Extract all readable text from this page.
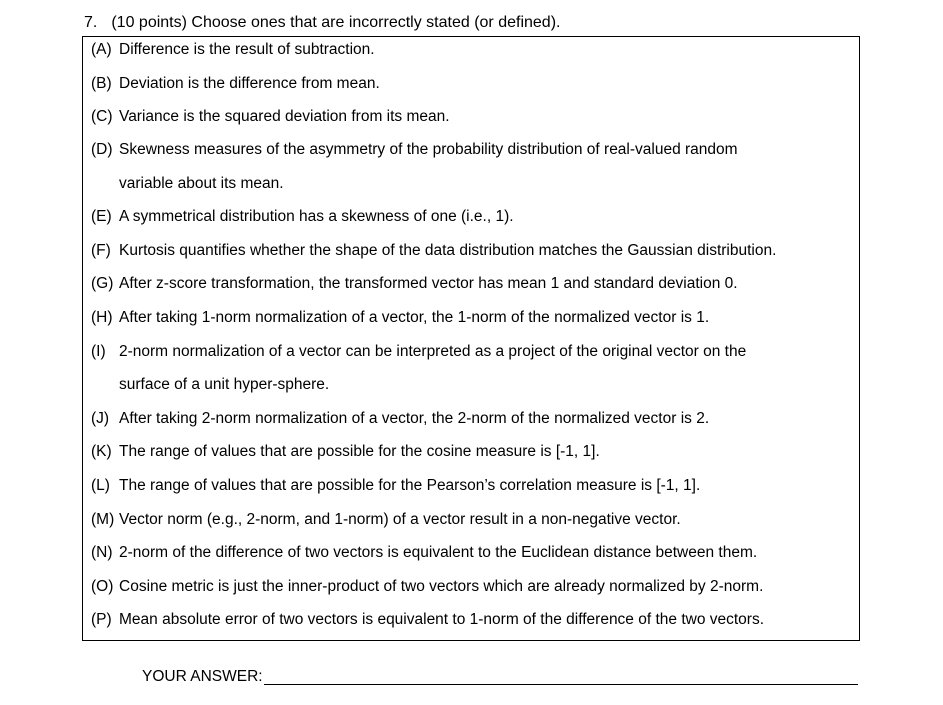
7. (10 points) Choose ones that are incorrectly stated (or defined).
(A) Difference is the result of subtraction.
(B) Deviation is the difference from mean.
(C) Variance is the squared deviation from its mean.
(D) Skewness measures of the asymmetry of the probability distribution of real-valued random
variable about its mean.
(E) A symmetrical distribution has a skewness of one (i.e., 1).
(F) Kurtosis quantifies whether the shape of the data distribution matches the Gaussian distribution.
(G) After z-score transformation, the transformed vector has mean 1 and standard deviation 0.
(H) After taking 1-norm normalization of a vector, the 1-norm of the normalized vector is 1.
(I) 2-norm normalization of a vector can be interpreted as a project of the original vector on the
surface of a unit hyper-sphere.
(J) After taking 2-norm normalization of a vector, the 2-norm of the normalized vector is 2.
(K) The range of values that are possible for the cosine measure is [-1, 1].
(L) The range of values that are possible for the Pearson’s correlation measure is [-1, 1].
(M) Vector norm (e.g., 2-norm, and 1-norm) of a vector result in a non-negative vector.
(N) 2-norm of the difference of two vectors is equivalent to the Euclidean distance between them.
(O) Cosine metric is just the inner-product of two vectors which are already normalized by 2-norm.
(P) Mean absolute error of two vectors is equivalent to 1-norm of the difference of the two vectors.
YOUR ANSWER:
